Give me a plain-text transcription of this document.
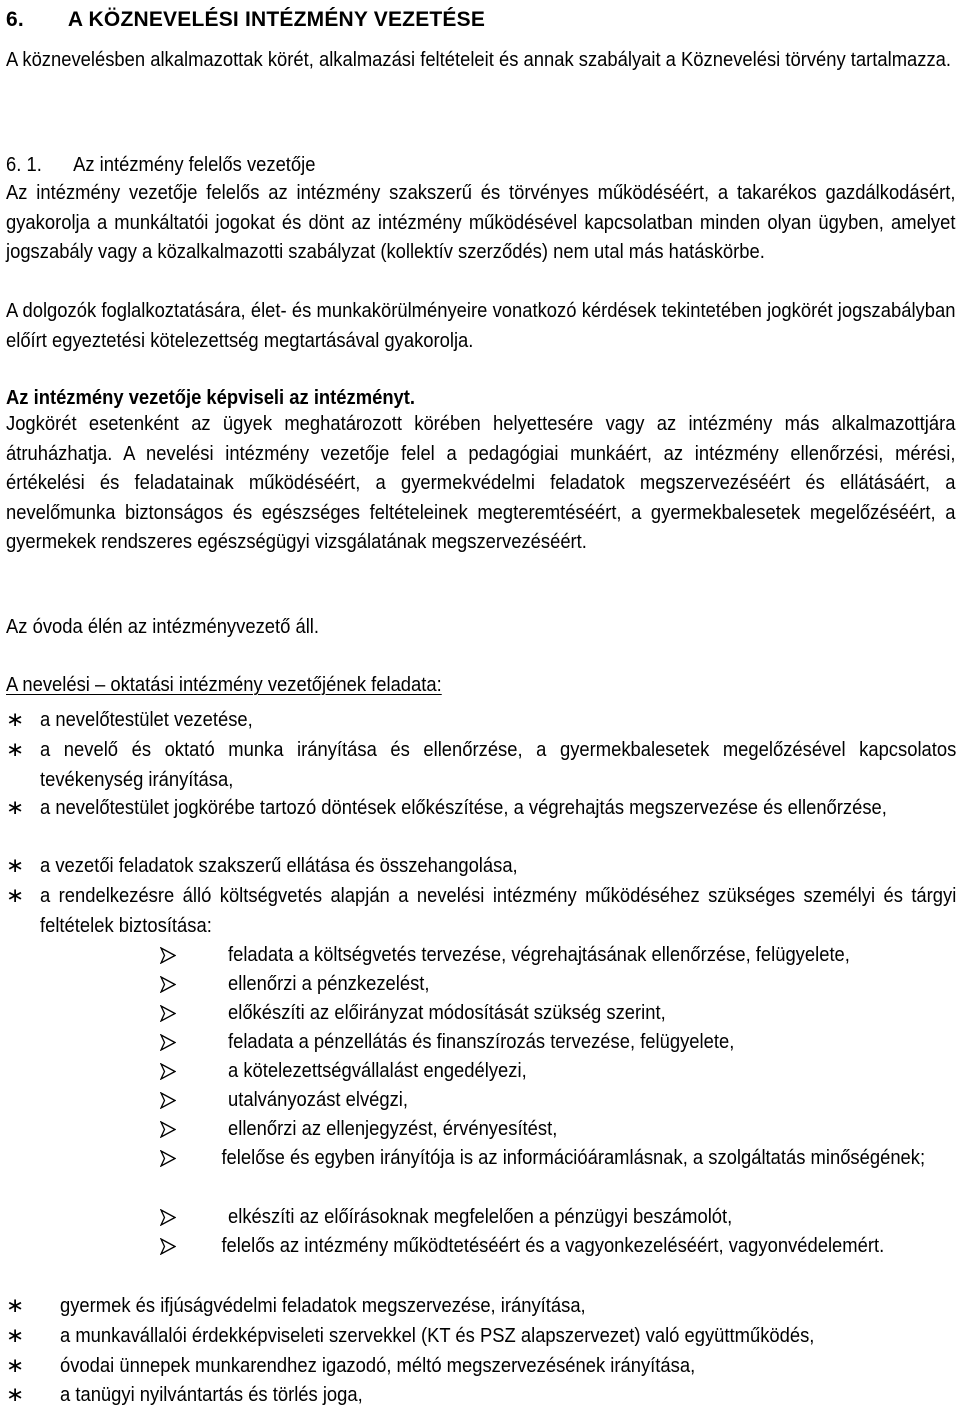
6. A KÖZNEVELÉSI INTÉZMÉNY VEZETÉSE

A köznevelésben alkalmazottak körét, alkalmazási feltételeit és annak szabályait a Köznevelési törvény tartalmazza.

6. 1. Az intézmény felelős vezetője

Az intézmény vezetője felelős az intézmény szakszerű és törvényes működéséért, a takarékos gazdálkodásért, gyakorolja a munkáltatói jogokat és dönt az intézmény működésével kapcsolatban minden olyan ügyben, amelyet jogszabály vagy a közalkalmazotti szabályzat (kollektív szerződés) nem utal más hatáskörbe.

A dolgozók foglalkoztatására, élet- és munkakörülményeire vonatkozó kérdések tekintetében jogkörét jogszabályban előírt egyeztetési kötelezettség megtartásával gyakorolja.

Az intézmény vezetője képviseli az intézményt.

Jogkörét esetenként az ügyek meghatározott körében helyettesére vagy az intézmény más alkalmazottjára átruházhatja. A nevelési intézmény vezetője felel a pedagógiai munkáért, az intézmény ellenőrzési, mérési, értékelési és feladatainak működéséért, a gyermekvédelmi feladatok megszervezéséért és ellátásáért, a nevelőmunka biztonságos és egészséges feltételeinek megteremtéséért, a gyermekbalesetek megelőzéséért, a gyermekek rendszeres egészségügyi vizsgálatának megszervezéséért.

Az óvoda élén az intézményvezető áll.

A nevelési – oktatási intézmény vezetőjének feladata:

∗ a nevelőtestület vezetése,

∗ a nevelő és oktató munka irányítása és ellenőrzése, a gyermekbalesetek megelőzésével kapcsolatos tevékenység irányítása,

∗ a nevelőtestület jogkörébe tartozó döntések előkészítése, a végrehajtás megszervezése és ellenőrzése,

∗ a vezetői feladatok szakszerű ellátása és összehangolása,

∗ a rendelkezésre álló költségvetés alapján a nevelési intézmény működéséhez szükséges személyi és tárgyi feltételek biztosítása:

feladata a költségvetés tervezése, végrehajtásának ellenőrzése, felügyelete,

ellenőrzi a pénzkezelést,

előkészíti az előirányzat módosítását szükség szerint,

feladata a pénzellátás és finanszírozás tervezése, felügyelete,

a kötelezettségvállalást engedélyezi,

utalványozást elvégzi,

ellenőrzi az ellenjegyzést, érvényesítést,

felelőse és egyben irányítója is az információáramlásnak, a szolgáltatás minőségének;

elkészíti az előírásoknak megfelelően a pénzügyi beszámolót,

felelős az intézmény működtetéséért és a vagyonkezeléséért, vagyonvédelemért.

∗ gyermek és ifjúságvédelmi feladatok megszervezése, irányítása,

∗ a munkavállalói érdekképviseleti szervekkel (KT és PSZ alapszervezet) való együttműködés,

∗ óvodai ünnepek munkarendhez igazodó, méltó megszervezésének irányítása,

∗ a tanügyi nyilvántartás és törlés joga,
